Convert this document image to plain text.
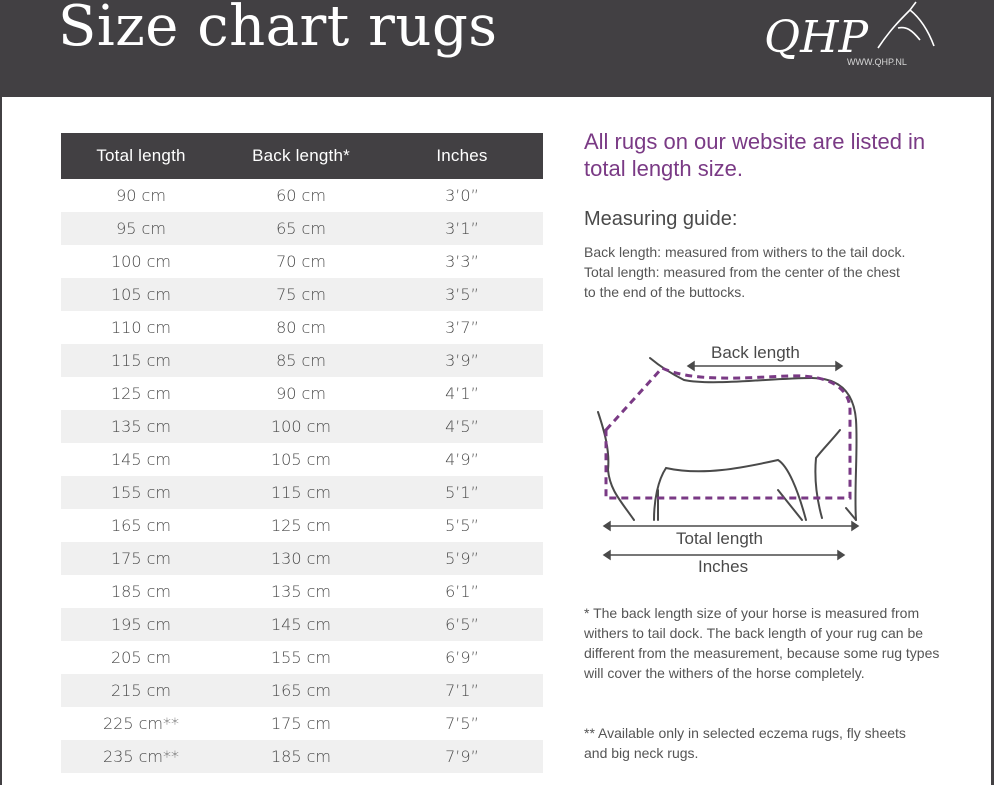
Size chart rugs	QHP
WWW.QHP.NL
Total length	Back length*	Inches
90 cm	60 cm	3’0”
95 cm	65 cm	3’1”
100 cm	70 cm	3’3”
105 cm	75 cm	3’5”
110 cm	80 cm	3’7”
115 cm	85 cm	3’9”
125 cm	90 cm	4’1”
135 cm	100 cm	4’5”
145 cm	105 cm	4’9”
155 cm	115 cm	5’1”
165 cm	125 cm	5’5”
175 cm	130 cm	5’9”
185 cm	135 cm	6’1”
195 cm	145 cm	6’5”
205 cm	155 cm	6’9”
215 cm	165 cm	7’1”
225 cm**	175 cm	7’5”
235 cm**	185 cm	7’9”
All rugs on our website are listed in total length size.
Measuring guide:

Back length: measured from withers to the tail dock.

Total length: measured from the center of the chest to the end of the buttocks.

Back length
Total length
Inches

* The back length size of your horse is measured from withers to tail dock. The back length of your rug can be different from the measurement, because some rug types will cover the withers of the horse completely.

** Available only in selected eczema rugs, fly sheets and big neck rugs.
